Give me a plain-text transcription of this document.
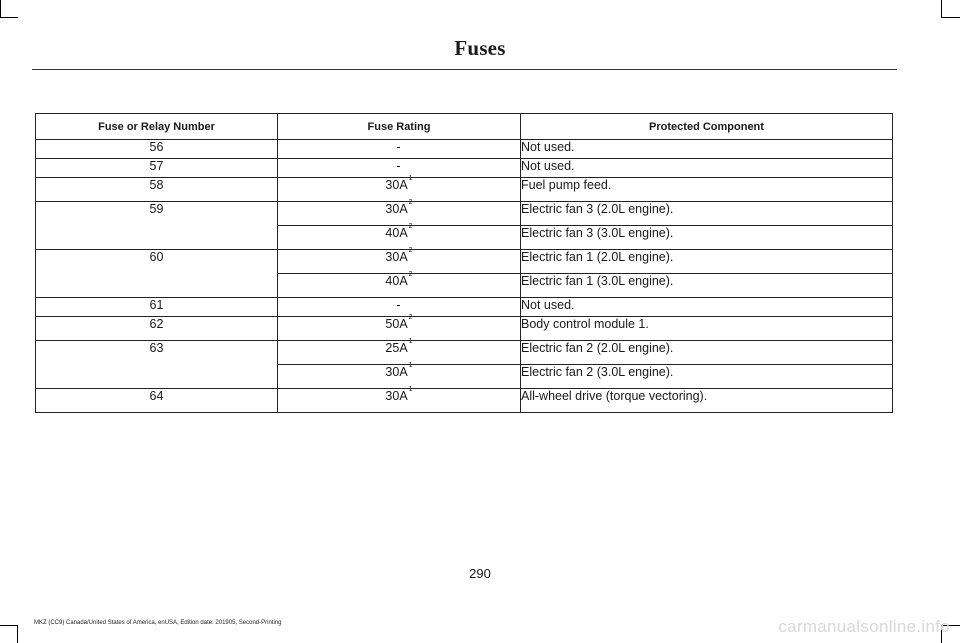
Fuses
Fuse or Relay Number	Fuse Rating	Protected Component
56	-	Not used.
57	-	Not used.
58	$30A^1$	Fuel pump feed.
59	$30A^2$	Electric fan 3 (2.0L engine).
	$40A^2$	Electric fan 3 (3.0L engine).
60	$30A^2$	Electric fan 1 (2.0L engine).
	$40A^2$	Electric fan 1 (3.0L engine).
61	-	Not used.
62	$50A^2$	Body control module 1.
63	$25A^1$	Electric fan 2 (2.0L engine).
	$30A^1$	Electric fan 2 (3.0L engine).
64	$30A^1$	All-wheel drive (torque vectoring).
290
MKZ (CC9) Canada/United States of America, enUSA, Edition date: 201905, Second-Printing	carmanualsonline.info
